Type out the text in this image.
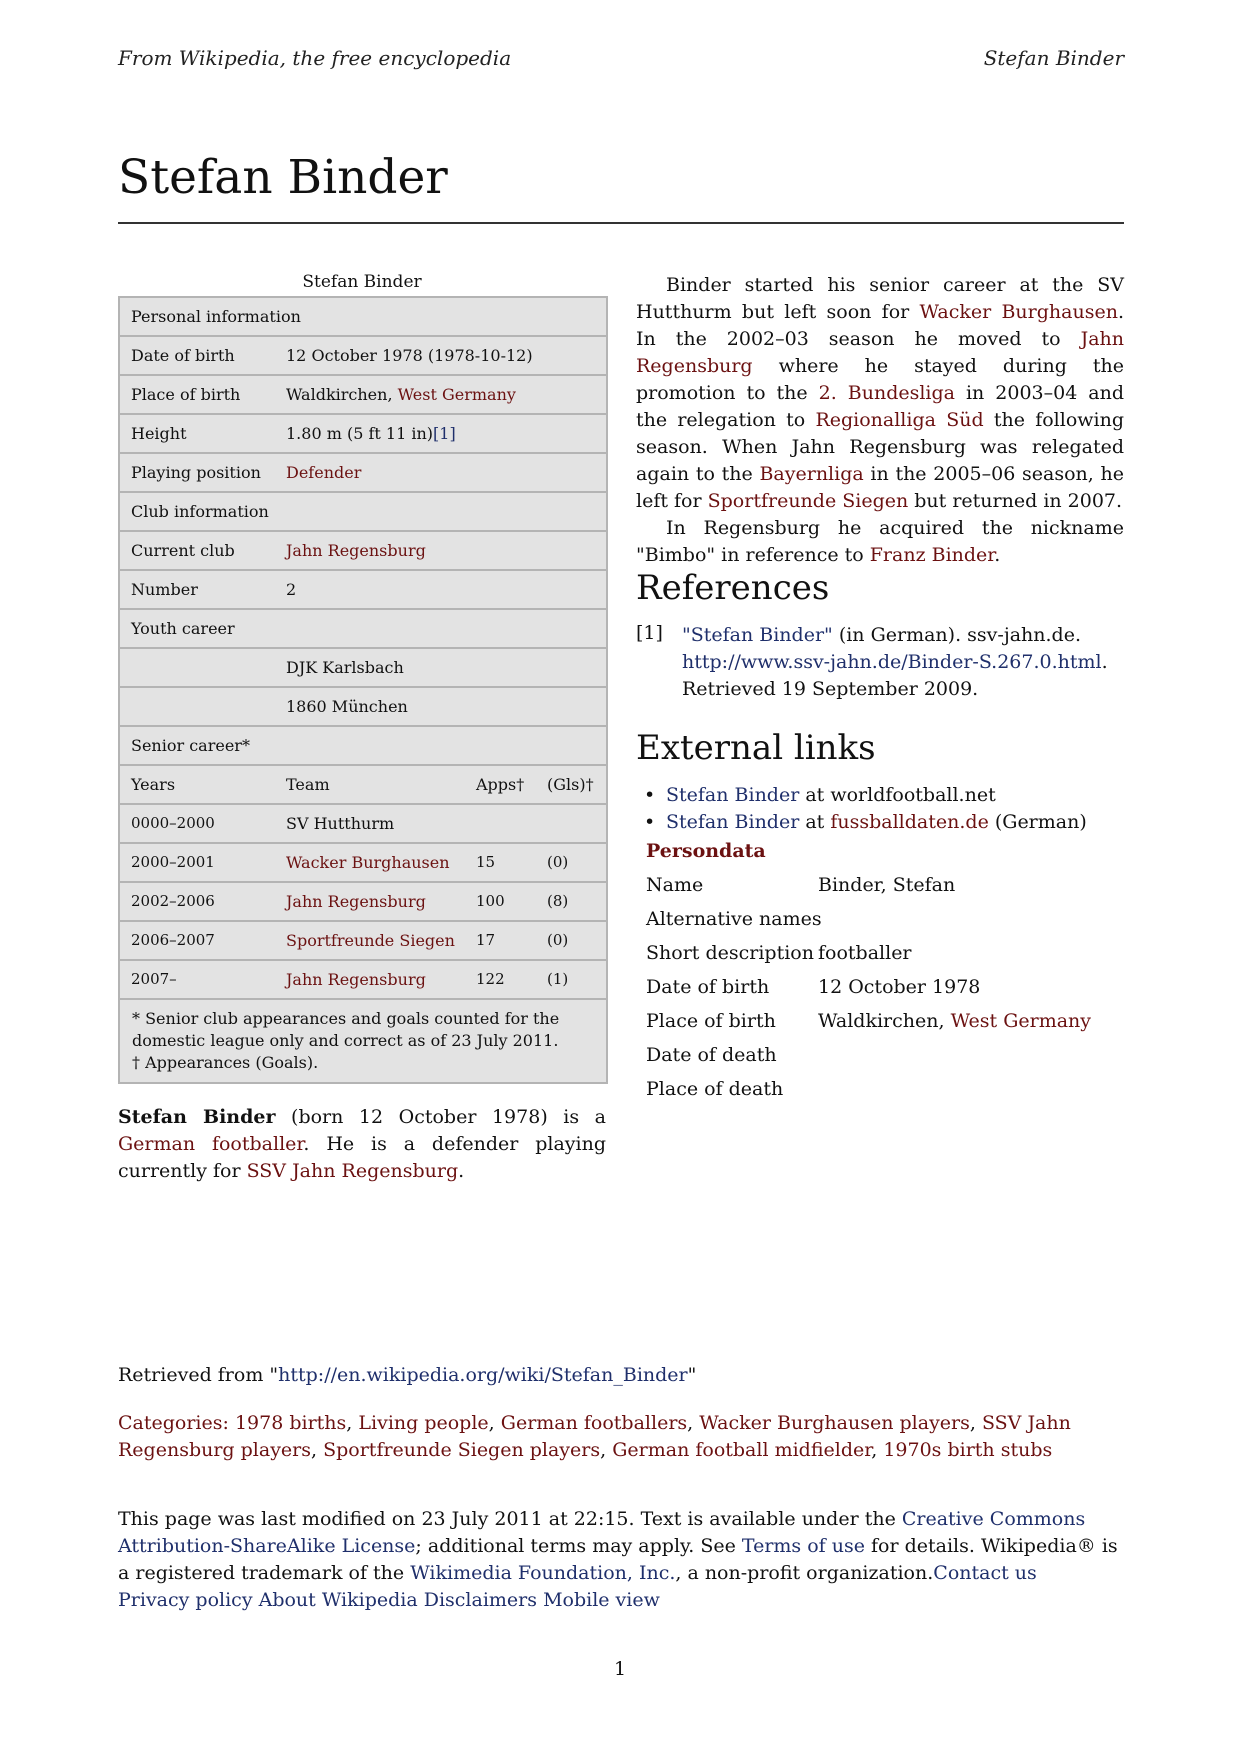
From Wikipedia, the free encyclopedia	Stefan Binder
Stefan Binder
Stefan Binder
Personal information
Date of birth	12 October 1978 (1978-10-12)
Place of birth	Waldkirchen, West Germany
Height	1.80 m (5 ft 11 in)[1]
Playing position Defender
Club information
Current club	Jahn Regensburg
Number	2
Youth career
DJK Karlsbach
1860 München
Senior career*
Years	Team	Apps† (Gls)†
0000–2000	SV Hutthurm
2000–2001	Wacker Burghausen 15	(0)
2002–2006	Jahn Regensburg	100	(8)
2006–2007	Sportfreunde Siegen 17	(0)
2007–	Jahn Regensburg	122	(1)
* Senior club appearances and goals counted for the domestic league only and correct as of 23 July 2011.
† Appearances (Goals).
Stefan Binder (born 12 October 1978) is a German footballer. He is a defender playing currently for SSV Jahn Regensburg.

Binder started his senior career at the SV Hutthurm but left soon for Wacker Burghausen. In the 2002–03 season he moved to Jahn Regensburg where he stayed during the promotion to the 2. Bundesliga in 2003–04 and the relegation to Regionalliga Süd the following season. When Jahn Regensburg was relegated again to the Bayernliga in the 2005–06 season, he left for Sportfreunde Siegen but returned in 2007.

In Regensburg he acquired the nickname "Bimbo" in reference to Franz Binder.

References
[1] "Stefan Binder" (in German). ssv-jahn.de. http://www.ssv-jahn.de/Binder-S.267.0.html.
Retrieved 19 September 2009.
External links
• Stefan Binder at worldfootball.net
• Stefan Binder at fussballdaten.de (German)
Persondata
Name	Binder, Stefan
Alternative names
Short description footballer
Date of birth	12 October 1978
Place of birth Waldkirchen, West Germany
Date of death
Place of death
Retrieved from "http://en.wikipedia.org/wiki/Stefan_Binder"
Categories: 1978 births, Living people, German footballers, Wacker Burghausen players, SSV Jahn Regensburg players, Sportfreunde Siegen players, German football midfielder, 1970s birth stubs
This page was last modified on 23 July 2011 at 22:15. Text is available under the Creative Commons Attribution-ShareAlike License; additional terms may apply. See Terms of use for details. Wikipedia® is a registered trademark of the Wikimedia Foundation, Inc., a non-profit organization.Contact us
Privacy policy About Wikipedia Disclaimers Mobile view
1
